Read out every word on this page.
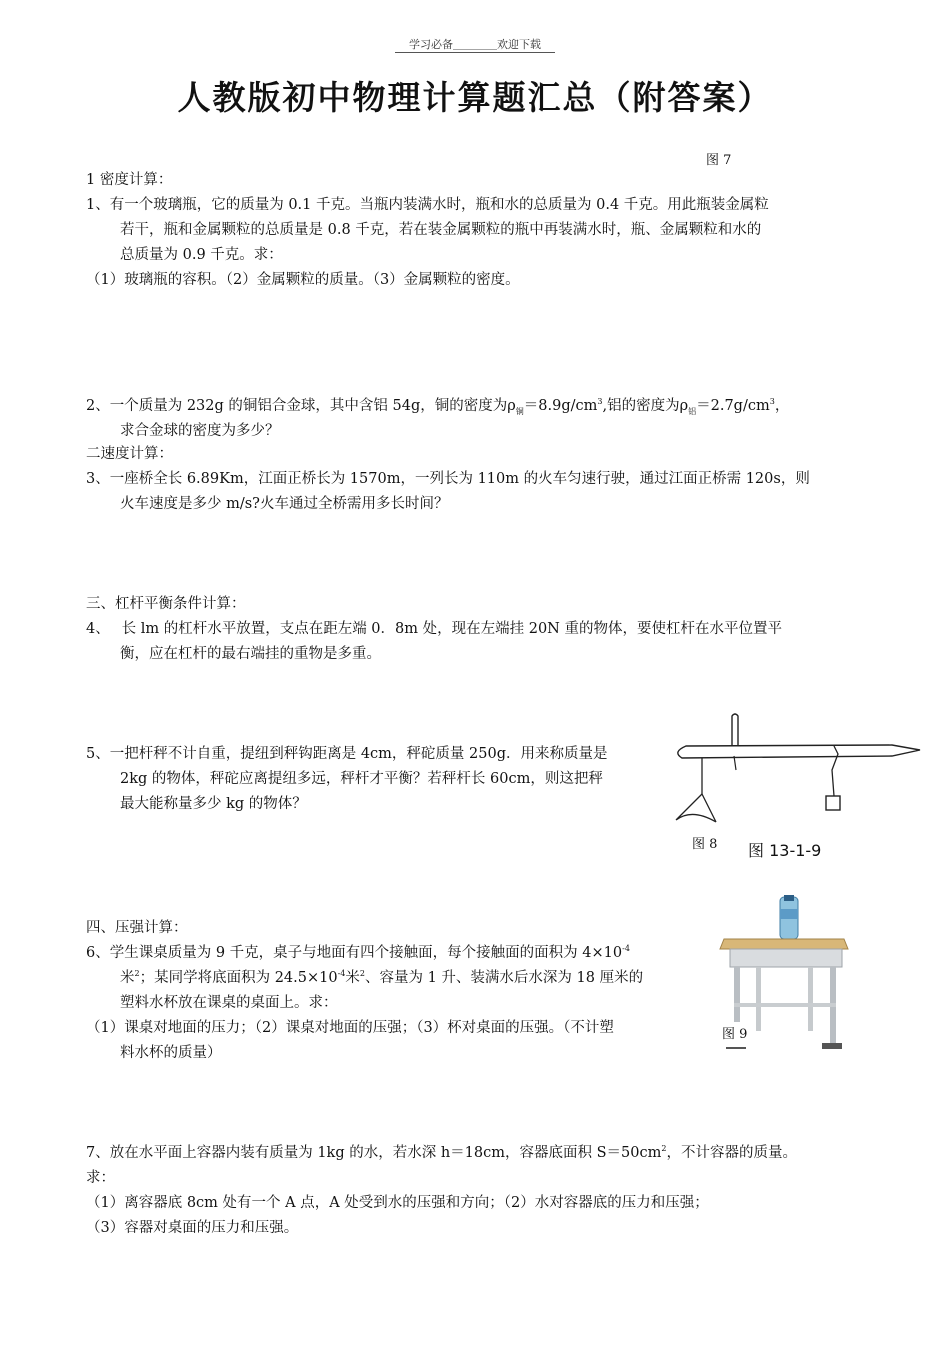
学习必备＿＿＿＿欢迎下载
人教版初中物理计算题汇总（附答案）
图 7
1 密度计算：
1、有一个玻璃瓶，它的质量为 0.1 千克。当瓶内装满水时，瓶和水的总质量为 0.4 千克。用此瓶装金属粒
若干，瓶和金属颗粒的总质量是 0.8 千克，若在装金属颗粒的瓶中再装满水时，瓶、金属颗粒和水的
总质量为 0.9 千克。求：
（1）玻璃瓶的容积。（2）金属颗粒的质量。（3）金属颗粒的密度。
2、一个质量为 232g 的铜铝合金球，其中含铝 54g，铜的密度为$\rho_铜=8.9g/cm^3$,铝的密度为$\rho_铝=2.7g/cm^3$，
求合金球的密度为多少？
二速度计算：
3、一座桥全长 6.89Km，江面正桥长为 1570m，一列长为 110m 的火车匀速行驶，通过江面正桥需 120s，则
火车速度是多少 m/s?火车通过全桥需用多长时间？
三、杠杆平衡条件计算：
4、　 长 lm 的杠杆水平放置，支点在距左端 0．8m 处，现在左端挂 20N 重的物体，要使杠杆在水平位置平
衡，应在杠杆的最右端挂的重物是多重。
5、一把杆秤不计自重，提纽到秤钩距离是 4cm，秤砣质量 250g．用来称质量是
2kg 的物体，秤砣应离提纽多远，秤杆才平衡？若秤杆长 60cm，则这把秤
最大能称量多少 kg 的物体？
图 8 图 13-1-9
四、压强计算：
6、学生课桌质量为 9 千克，桌子与地面有四个接触面，每个接触面的面积为 $4\times 10^{-4}$
米$^2$；某同学将底面积为 $24.5\times 10^{-4}$米$^2$、容量为 1 升、装满水后水深为 18 厘米的
塑料水杯放在课桌的桌面上。求：
（1）课桌对地面的压力；（2）课桌对地面的压强；（3）杯对桌面的压强。（不计塑
料水杯的质量）
图 9
7、放在水平面上容器内装有质量为 1kg 的水，若水深 h＝18cm，容器底面积 $S=50cm^2$，不计容器的质量。
求：
（1）离容器底 8cm 处有一个 A 点，A 处受到水的压强和方向；（2）水对容器底的压力和压强；
（3）容器对桌面的压力和压强。
